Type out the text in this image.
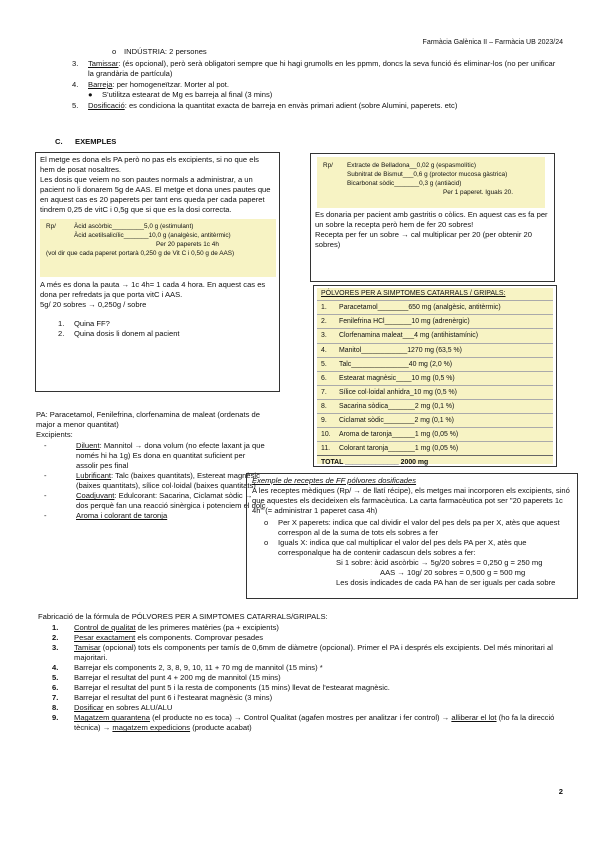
Farmàcia Galènica II – Farmàcia UB 2023/24
o	INDÚSTRIA: 2 persones
3.	Tamissar: (és opcional), però serà obligatori sempre que hi hagi grumolls en les ppmm, doncs la seva funció és eliminar-los (no per unificar la grandària de partícula)
4.	Barreja: per homogeneïtzar. Morter al pot.
●	S'utilitza estearat de Mg es barreja al final (3 mins)
5.	Dosificació: es condiciona la quantitat exacta de barreja en envàs primari adient (sobre Alumini, paperets. etc)
C. EXEMPLES
El metge es dona els PA però no pas els excipients, si no que els hem de posat nosaltres.
Les dosis que veiem no son pautes normals a administrar, a un pacient no li donarem 5g de AAS. El metge et dona unes pautes que en aquest cas es 20 paperets per tant ens queda per cada paperet tindrem 0,25 de vitC i 0,5g que si que es la dosi correcta.
Rp/	Àcid ascòrbic_________5,0 g (estimulant)
Àcid acetilsalicílic_______10,0 g (analgèsic, antitèrmic)
Per 20 paperets 1c 4h
(vol dir que cada paperet portarà 0,250 g de Vit C i 0,50 g de AAS)
A més es dona la pauta → 1c 4h= 1 cada 4 hora. En aquest cas es dona per refredats ja que porta vitC i AAS.
5g/ 20 sobres → 0,250g / sobre
1.	Quina FF?
2.	Quina dosis li donem al pacient
Rp/	Extracte de Belladona__0,02 g (espasmolític)
Subnitrat de Bismut___0,6 g (protector mucosa gàstrica)
Bicarbonat sòdic_______0,3 g (antiàcid)
Per 1 paperet. Iguals 20.
Es donaria per pacient amb gastritis o còlics. En aquest cas es fa per un sobre la recepta però hem de fer 20 sobres!
Recepta per fer un sobre → cal multiplicar per 20 (per obtenir 20 sobres)
PÓLVORES PER A SIMPTOMES CATARRALS / GRIPALS:
1.	Paracetamol________650 mg (analgèsic, antitèrmic)
2.	Fenilefrina HCl_______10 mg (adrenèrgic)
3.	Clorfenamina maleat___4 mg (antihistamínic)
4.	Manitol____________1270 mg (63,5 %)
5.	Talc_______________40 mg (2,0 %)
6.	Estearat magnèsic____10 mg (0,5 %)
7.	Sílice col·loidal anhidra_10 mg (0,5 %)
8.	Sacarina sòdica_______2 mg (0,1 %)
9.	Ciclamat sòdic________2 mg (0,1 %)
10.	Aroma de taronja______1 mg (0,05 %)
11.	Colorant taronja_______1 mg (0,05 %)
TOTAL ______________ 2000 mg	
PA: Paracetamol, Fenilefrina, clorfenamina de maleat (ordenats de major a menor quantitat)
Excipients:
-	Diluent: Mannitol → dona volum (no efecte laxant ja que només hi ha 1g) Es dona en quantitat suficient per assolir pes final
-	Lubrificant: Talc (baixes quantitats), Estereat magnèsic (baixes quantitats), sílice col·loidal (baixes quantitats)
-	Coadjuvant: Edulcorant: Sacarina, Ciclamat sòdic → dos perquè fan una reacció sinèrgica i potenciem el dolç
-	Aroma i colorant de taronja
Exemple de receptes de FF pólvores dosificades
A les receptes mèdiques (Rp/ → de llatí récipe), els metges mai incorporen els excipients, sinó que aquestes els decideixen els farmacèutica. La carta farmacèutica pot ser "20 paperets 1c 4h" (= administrar 1 paperet casa 4h)
o	Per X paperets: indica que cal dividir el valor del pes dels pa per X, atès que aquest correspon al de la suma de tots els sobres a fer
o	Iguals X: indica que cal multiplicar el valor del pes dels PA per X, atès que corresponalque ha de contenir cadascun dels sobres a fer:
Si 1 sobre: àcid ascòrbic → 5g/20 sobres = 0,250 g = 250 mg
AAS → 10g/ 20 sobres = 0,500 g = 500 mg
Les dosis indicades de cada PA han de ser iguals per cada sobre
Fabricació de la fórmula de PÓLVORES PER A SIMPTOMES CATARRALS/GRIPALS:
1.	Control de qualitat de les primeres matèries (pa + excipients)
2.	Pesar exactament els components. Comprovar pesades
3.	Tamisar (opcional) tots els components per tamís de 0,6mm de diàmetre (opcional). Primer el PA i després els excipients. Del més minoritari al majoritari.
4.	Barrejar els components 2, 3, 8, 9, 10, 11 + 70 mg de mannitol (15 mins) *
5.	Barrejar el resultat del punt 4 + 200 mg de mannitol (15 mins)
6.	Barrejar el resultat del punt 5 i la resta de components (15 mins) llevat de l'estearat magnèsic.
7.	Barrejar el resultat del punt 6 i l'estearat magnèsic (3 mins)
8.	Dosificar en sobres ALU/ALU
9.	Magatzem quarantena (el producte no es toca) → Control Qualitat (agafen mostres per analitzar i fer control) → alliberar el lot (ho fa la direcció tècnica) → magatzem expedicions (producte acabat)
2
